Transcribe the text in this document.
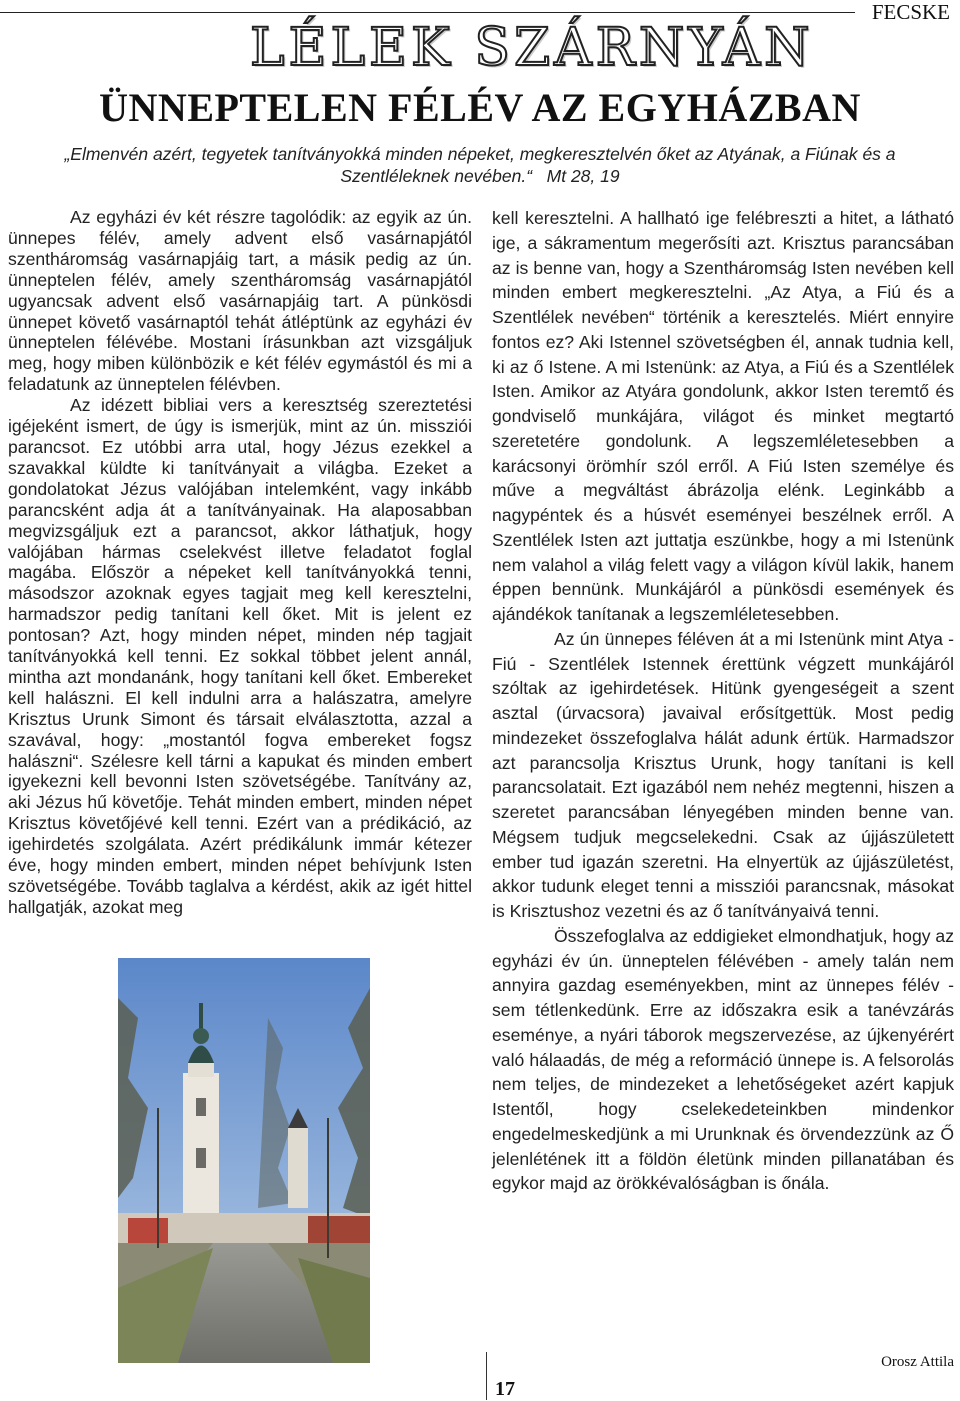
FECSKE
LÉLEK SZÁRNYÁN
ÜNNEPTELEN FÉLÉV AZ EGYHÁZBAN
„Elmenvén azért, tegyetek tanítványokká minden népeket, megkeresztelvén őket az Atyának, a Fiúnak és a Szentléleknek nevében.“ Mt 28, 19

Az egyházi év két részre tagolódik: az egyik az ún. ünnepes félév, amely advent első vasárnapjától szentháromság vasárnapjáig tart, a másik pedig az ún. ünneptelen félév, amely szentháromság vasárnapjától ugyancsak advent első vasárnapjáig tart. A pünkösdi ünnepet követő vasárnaptól tehát átléptünk az egyházi év ünneptelen félévébe. Mostani írásunkban azt vizsgáljuk meg, hogy miben különbözik e két félév egymástól és mi a feladatunk az ünneptelen félévben.

Az idézett bibliai vers a keresztség szereztetési igéjeként ismert, de úgy is ismerjük, mint az ún. missziói parancsot. Ez utóbbi arra utal, hogy Jézus ezekkel a szavakkal küldte ki tanítványait a világba. Ezeket a gondolatokat Jézus valójában intelemként, vagy inkább parancsként adja át a tanítványainak. Ha alaposabban megvizsgáljuk ezt a parancsot, akkor láthatjuk, hogy valójában hármas cselekvést illetve feladatot foglal magába. Először a népeket kell tanítványokká tenni, másodszor azoknak egyes tagjait meg kell keresztelni, harmadszor pedig tanítani kell őket. Mit is jelent ez pontosan? Azt, hogy minden népet, minden nép tagjait tanítványokká kell tenni. Ez sokkal többet jelent annál, mintha azt mondanánk, hogy tanítani kell őket. Embereket kell halászni. El kell indulni arra a halászatra, amelyre Krisztus Urunk Simont és társait elválasztotta, azzal a szavával, hogy: „mostantól fogva embereket fogsz halászni“. Szélesre kell tárni a kapukat és minden embert igyekezni kell bevonni Isten szövetségébe. Tanítvány az, aki Jézus hű követője. Tehát minden embert, minden népet Krisztus követőjévé kell tenni. Ezért van a prédikáció, az igehirdetés szolgálata. Azért prédikálunk immár kétezer éve, hogy minden embert, minden népet behívjunk Isten szövetségébe. Tovább taglalva a kérdést, akik az igét hittel hallgatják, azokat meg

kell keresztelni. A hallható ige felébreszti a hitet, a látható ige, a sákramentum megerősíti azt. Krisztus parancsában az is benne van, hogy a Szentháromság Isten nevében kell minden embert megkeresztelni. „Az Atya, a Fiú és a Szentlélek nevében“ történik a keresztelés. Miért ennyire fontos ez? Aki Istennel szövetségben él, annak tudnia kell, ki az ő Istene. A mi Istenünk: az Atya, a Fiú és a Szentlélek Isten. Amikor az Atyára gondolunk, akkor Isten teremtő és gondviselő munkájára, világot és minket megtartó szeretetére gondolunk. A legszemléletesebben a karácsonyi örömhír szól erről. A Fiú Isten személye és műve a megváltást ábrázolja elénk. Leginkább a nagypéntek és a húsvét eseményei beszélnek erről. A Szentlélek Isten azt juttatja eszünkbe, hogy a mi Istenünk nem valahol a világ felett vagy a világon kívül lakik, hanem éppen bennünk. Munkájáról a pünkösdi események és ajándékok tanítanak a legszemléletesebben.

Az ún ünnepes féléven át a mi Istenünk mint Atya - Fiú - Szentlélek Istennek érettünk végzett munkájáról szóltak az igehirdetések. Hitünk gyengeségeit a szent asztal (úrvacsora) javaival erősítgettük. Most pedig mindezeket összefoglalva hálát adunk értük. Harmadszor azt parancsolja Krisztus Urunk, hogy tanítani is kell parancsolatait. Ezt igazából nem nehéz megtenni, hiszen a szeretet parancsában lényegében minden benne van. Mégsem tudjuk megcselekedni. Csak az újjászületett ember tud igazán szeretni. Ha elnyertük az újjászületést, akkor tudunk eleget tenni a missziói parancsnak, másokat is Krisztushoz vezetni és az ő tanítványaivá tenni.

Összefoglalva az eddigieket elmondhatjuk, hogy az egyházi év ún. ünneptelen félévében - amely talán nem annyira gazdag eseményekben, mint az ünnepes félév - sem tétlenkedünk. Erre az időszakra esik a tanévzárás eseménye, a nyári táborok megszervezése, az újkenyérért való hálaadás, de még a reformáció ünnepe is. A felsorolás nem teljes, de mindezeket a lehetőségeket azért kapjuk Istentől, hogy cselekedeteinkben mindenkor engedelmeskedjünk a mi Urunknak és örvendezzünk az Ő jelenlétének itt a földön életünk minden pillanatában és egykor majd az örökkévalóságban is őnála.

17
Orosz Attila
